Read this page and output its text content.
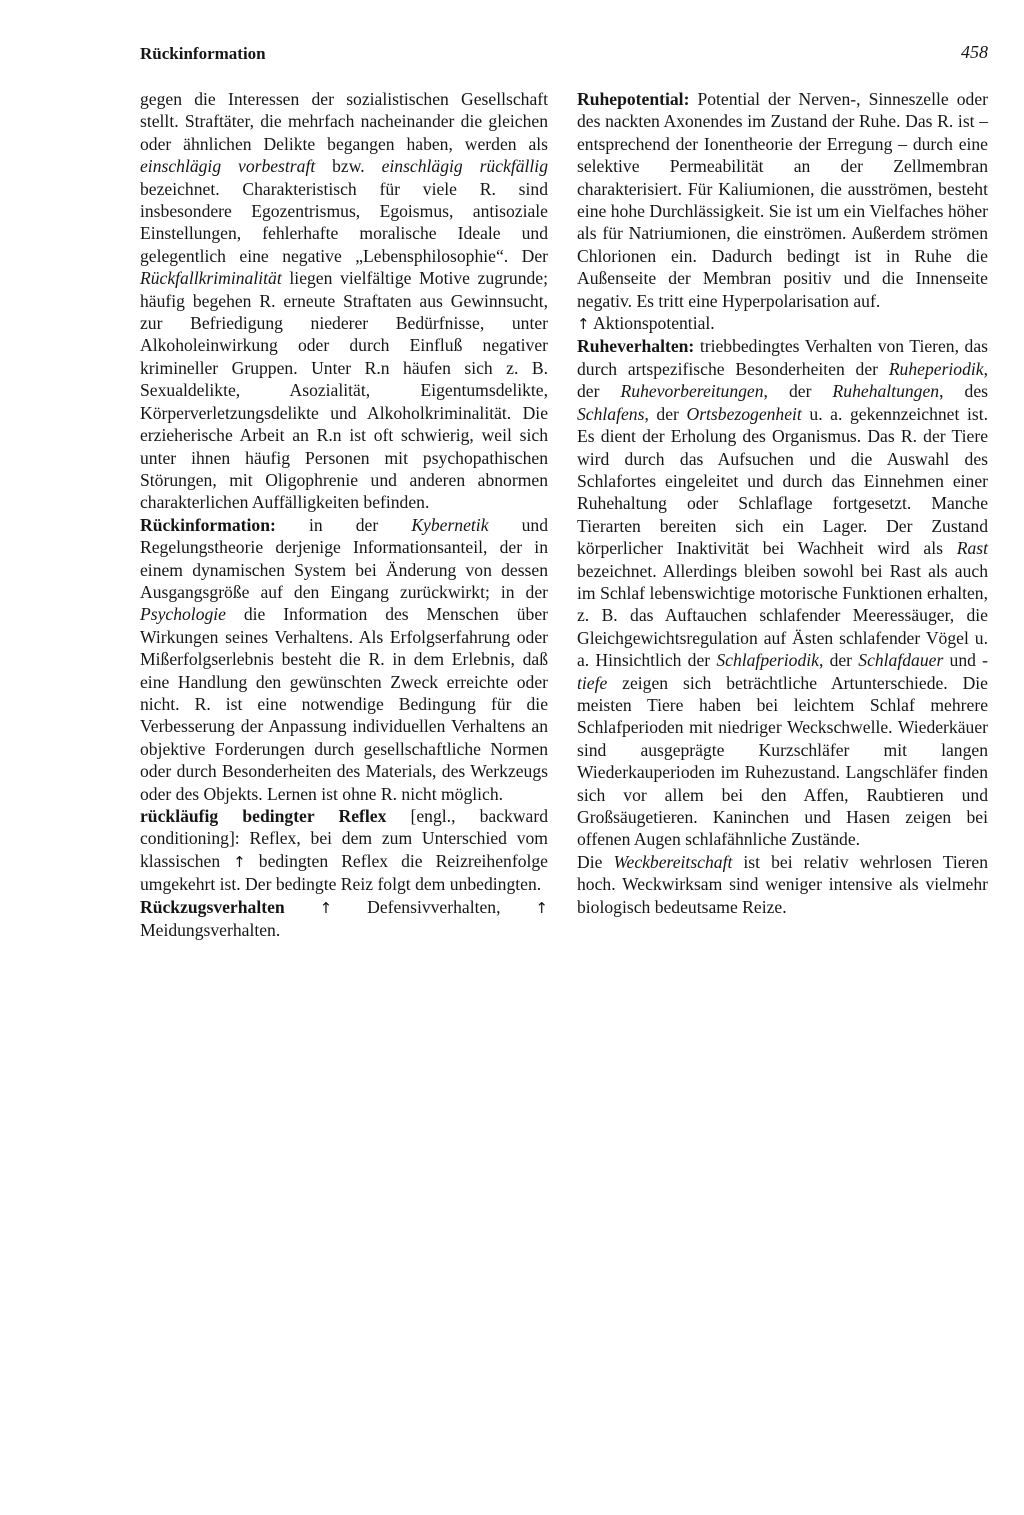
Rückinformation	458

gegen die Interessen der sozialistischen Gesellschaft stellt. Straftäter, die mehrfach nacheinander die gleichen oder ähnlichen Delikte begangen haben, werden als einschlägig vorbestraft bzw. einschlägig rückfällig bezeichnet. Charakteristisch für viele R. sind insbesondere Egozentrismus, Egoismus, antisoziale Einstellungen, fehlerhafte moralische Ideale und gelegentlich eine negative „Lebensphilosophie“. Der Rückfallkriminalität liegen vielfältige Motive zugrunde; häufig begehen R. erneute Straftaten aus Gewinnsucht, zur Befriedigung niederer Bedürfnisse, unter Alkoholeinwirkung oder durch Einfluß negativer krimineller Gruppen. Unter R.n häufen sich z. B. Sexualdelikte, Asozialität, Eigentumsdelikte, Körperverletzungsdelikte und Alkoholkriminalität. Die erzieherische Arbeit an R.n ist oft schwierig, weil sich unter ihnen häufig Personen mit psychopathischen Störungen, mit Oligophrenie und anderen abnormen charakterlichen Auffälligkeiten befinden.

Rückinformation: in der Kybernetik und Regelungstheorie derjenige Informationsanteil, der in einem dynamischen System bei Änderung von dessen Ausgangsgröße auf den Eingang zurückwirkt; in der Psychologie die Information des Menschen über Wirkungen seines Verhaltens. Als Erfolgserfahrung oder Mißerfolgserlebnis besteht die R. in dem Erlebnis, daß eine Handlung den gewünschten Zweck erreichte oder nicht. R. ist eine notwendige Bedingung für die Verbesserung der Anpassung individuellen Verhaltens an objektive Forderungen durch gesellschaftliche Normen oder durch Besonderheiten des Materials, des Werkzeugs oder des Objekts. Lernen ist ohne R. nicht möglich.

rückläufig bedingter Reflex [engl., backward conditioning]: Reflex, bei dem zum Unterschied vom klassischen ↑ bedingten Reflex die Reizreihenfolge umgekehrt ist. Der bedingte Reiz folgt dem unbedingten.

Rückzugsverhalten ↑ Defensivverhalten, ↑ Meidungsverhalten.

Ruhepotential: Potential der Nerven-, Sinneszelle oder des nackten Axonendes im Zustand der Ruhe. Das R. ist – entsprechend der Ionentheorie der Erregung – durch eine selektive Permeabilität an der Zellmembran charakterisiert. Für Kaliumionen, die ausströmen, besteht eine hohe Durchlässigkeit. Sie ist um ein Vielfaches höher als für Natriumionen, die einströmen. Außerdem strömen Chlorionen ein. Dadurch bedingt ist in Ruhe die Außenseite der Membran positiv und die Innenseite negativ. Es tritt eine Hyperpolarisation auf.

↑ Aktionspotential.

Ruheverhalten: triebbedingtes Verhalten von Tieren, das durch artspezifische Besonderheiten der Ruheperiodik, der Ruhevorbereitungen, der Ruhehaltungen, des Schlafens, der Ortsbezogenheit u. a. gekennzeichnet ist. Es dient der Erholung des Organismus. Das R. der Tiere wird durch das Aufsuchen und die Auswahl des Schlafortes eingeleitet und durch das Einnehmen einer Ruhehaltung oder Schlaflage fortgesetzt. Manche Tierarten bereiten sich ein Lager. Der Zustand körperlicher Inaktivität bei Wachheit wird als Rast bezeichnet. Allerdings bleiben sowohl bei Rast als auch im Schlaf lebenswichtige motorische Funktionen erhalten, z. B. das Auftauchen schlafender Meeressäuger, die Gleichgewichtsregulation auf Ästen schlafender Vögel u. a. Hinsichtlich der Schlafperiodik, der Schlafdauer und -tiefe zeigen sich beträchtliche Artunterschiede. Die meisten Tiere haben bei leichtem Schlaf mehrere Schlafperioden mit niedriger Weckschwelle. Wiederkäuer sind ausgeprägte Kurzschläfer mit langen Wiederkauperioden im Ruhezustand. Langschläfer finden sich vor allem bei den Affen, Raubtieren und Großsäugetieren. Kaninchen und Hasen zeigen bei offenen Augen schlafähnliche Zustände.

Die Weckbereitschaft ist bei relativ wehrlosen Tieren hoch. Weckwirksam sind weniger intensive als vielmehr biologisch bedeutsame Reize.
